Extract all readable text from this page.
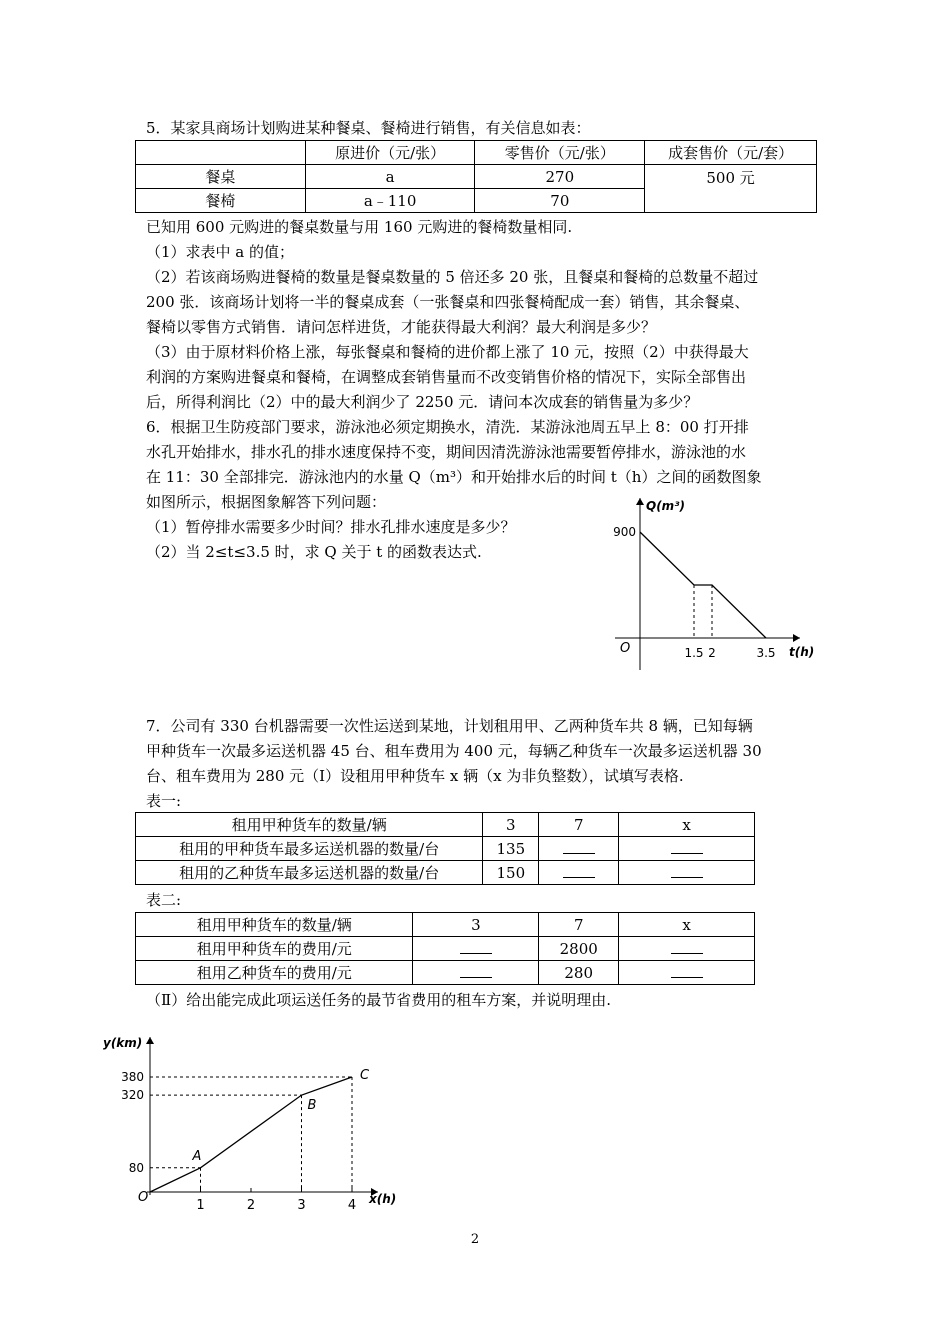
5．某家具商场计划购进某种餐桌、餐椅进行销售，有关信息如表：
	原进价（元/张）	零售价（元/张）	成套售价（元/套）
餐桌	a	270	500 元
餐椅	a﹣110	70	
已知用 600 元购进的餐桌数量与用 160 元购进的餐椅数量相同.
（1）求表中 a 的值；
（2）若该商场购进餐椅的数量是餐桌数量的 5 倍还多 20 张，且餐桌和餐椅的总数量不超过
200 张．该商场计划将一半的餐桌成套（一张餐桌和四张餐椅配成一套）销售，其余餐桌、
餐椅以零售方式销售．请问怎样进货，才能获得最大利润？最大利润是多少？
（3）由于原材料价格上涨，每张餐桌和餐椅的进价都上涨了 10 元，按照（2）中获得最大
利润的方案购进餐桌和餐椅，在调整成套销售量而不改变销售价格的情况下，实际全部售出
后，所得利润比（2）中的最大利润少了 2250 元．请问本次成套的销售量为多少？
6．根据卫生防疫部门要求，游泳池必须定期换水，清洗．某游泳池周五早上 8：00 打开排
水孔开始排水，排水孔的排水速度保持不变，期间因清洗游泳池需要暂停排水，游泳池的水
在 11：30 全部排完．游泳池内的水量 Q（m³）和开始排水后的时间 t（h）之间的函数图象
如图所示，根据图象解答下列问题：
（1）暂停排水需要多少时间？排水孔排水速度是多少？
（2）当 2≤t≤3.5 时，求 Q 关于 t 的函数表达式.
Q(m³)
t(h)
O	1.5 2	3.5
900
7．公司有 330 台机器需要一次性运送到某地，计划租用甲、乙两种货车共 8 辆，已知每辆
甲种货车一次最多运送机器 45 台、租车费用为 400 元，每辆乙种货车一次最多运送机器 30
台、租车费用为 280 元（Ⅰ）设租用甲种货车 x 辆（x 为非负整数），试填写表格.
表一:
租用甲种货车的数量/辆	3	7	x
租用的甲种货车最多运送机器的数量/台	135		
租用的乙种货车最多运送机器的数量/台	150		
表二:
租用甲种货车的数量/辆	3	7	x
租用甲种货车的费用/元		2800	
租用乙种货车的费用/元		280	
（Ⅱ）给出能完成此项运送任务的最节省费用的租车方案，并说明理由.
y(km)
x(h)
O
1	2	3	4
80
320
380
A
B
C
2
